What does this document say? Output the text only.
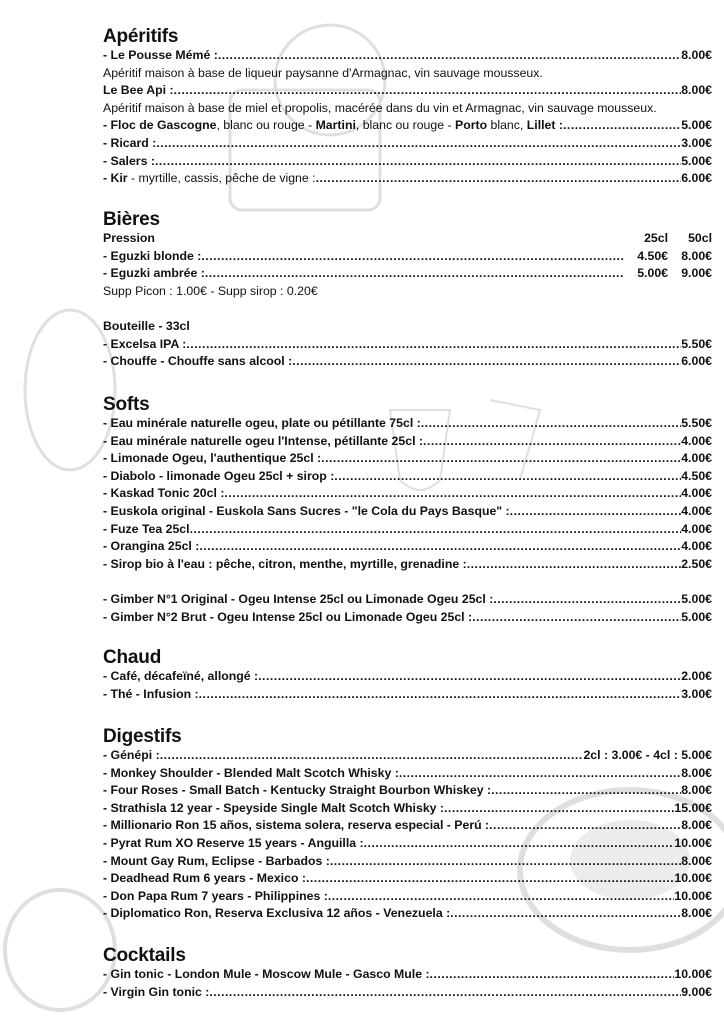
Apéritifs
- Le Pousse Mémé : .....	8.00€
Apéritif maison à base de liqueur paysanne d'Armagnac, vin sauvage mousseux.
Le Bee Api : .....	8.00€
Apéritif maison à base de miel et propolis, macérée dans du vin et Armagnac, vin sauvage mousseux.
- Floc de Gascogne, blanc ou rouge - Martini, blanc ou rouge - Porto blanc, Lillet : .....	5.00€
- Ricard : .....	3.00€
- Salers : .....	5.00€
- Kir - myrtille, cassis, pêche de vigne : .....	6.00€
Bières
Pression	25cl 50cl
- Eguzki blonde : .....	4.50€	8.00€
- Eguzki ambrée : .....	5.00€	9.00€
Supp Picon : 1.00€ - Supp sirop : 0.20€
Bouteille - 33cl
- Excelsa IPA : .....	5.50€
- Chouffe - Chouffe sans alcool : .....	6.00€
Softs
- Eau minérale naturelle ogeu, plate ou pétillante 75cl : .....	5.50€
- Eau minérale naturelle ogeu l'Intense, pétillante 25cl : .....	4.00€
- Limonade Ogeu, l'authentique 25cl : .....	4.00€
- Diabolo - limonade Ogeu 25cl + sirop : .....	4.50€
- Kaskad Tonic 20cl : .....	4.00€
- Euskola original - Euskola Sans Sucres - "le Cola du Pays Basque" : .....	4.00€
- Fuze Tea 25cl .....	4.00€
- Orangina 25cl : .....	4.00€
- Sirop bio à l'eau : pêche, citron, menthe, myrtille, grenadine : .....	2.50€
- Gimber N°1 Original - Ogeu Intense 25cl ou Limonade Ogeu 25cl : .....	5.00€
- Gimber N°2 Brut - Ogeu Intense 25cl ou Limonade Ogeu 25cl : .....	5.00€
Chaud
- Café, décafeïné, allongé : .....	2.00€
- Thé - Infusion : .....	3.00€
Digestifs
- Génépi : .....	2cl : 3.00€ - 4cl : 5.00€
- Monkey Shoulder - Blended Malt Scotch Whisky : .....	8.00€
- Four Roses - Small Batch - Kentucky Straight Bourbon Whiskey : .....	8.00€
- Strathisla 12 year - Speyside Single Malt Scotch Whisky : .....	15.00€
- Millionario Ron 15 años, sistema solera, reserva especial - Perú : .....	8.00€
- Pyrat Rum XO Reserve 15 years - Anguilla : .....	10.00€
- Mount Gay Rum, Eclipse - Barbados : .....	8.00€
- Deadhead Rum 6 years - Mexico : .....	10.00€
- Don Papa Rum 7 years - Philippines : .....	10.00€
- Diplomatico Ron, Reserva Exclusiva 12 años - Venezuela : .....	8.00€
Cocktails
- Gin tonic - London Mule - Moscow Mule - Gasco Mule : .....	10.00€
- Virgin Gin tonic : .....	9.00€
